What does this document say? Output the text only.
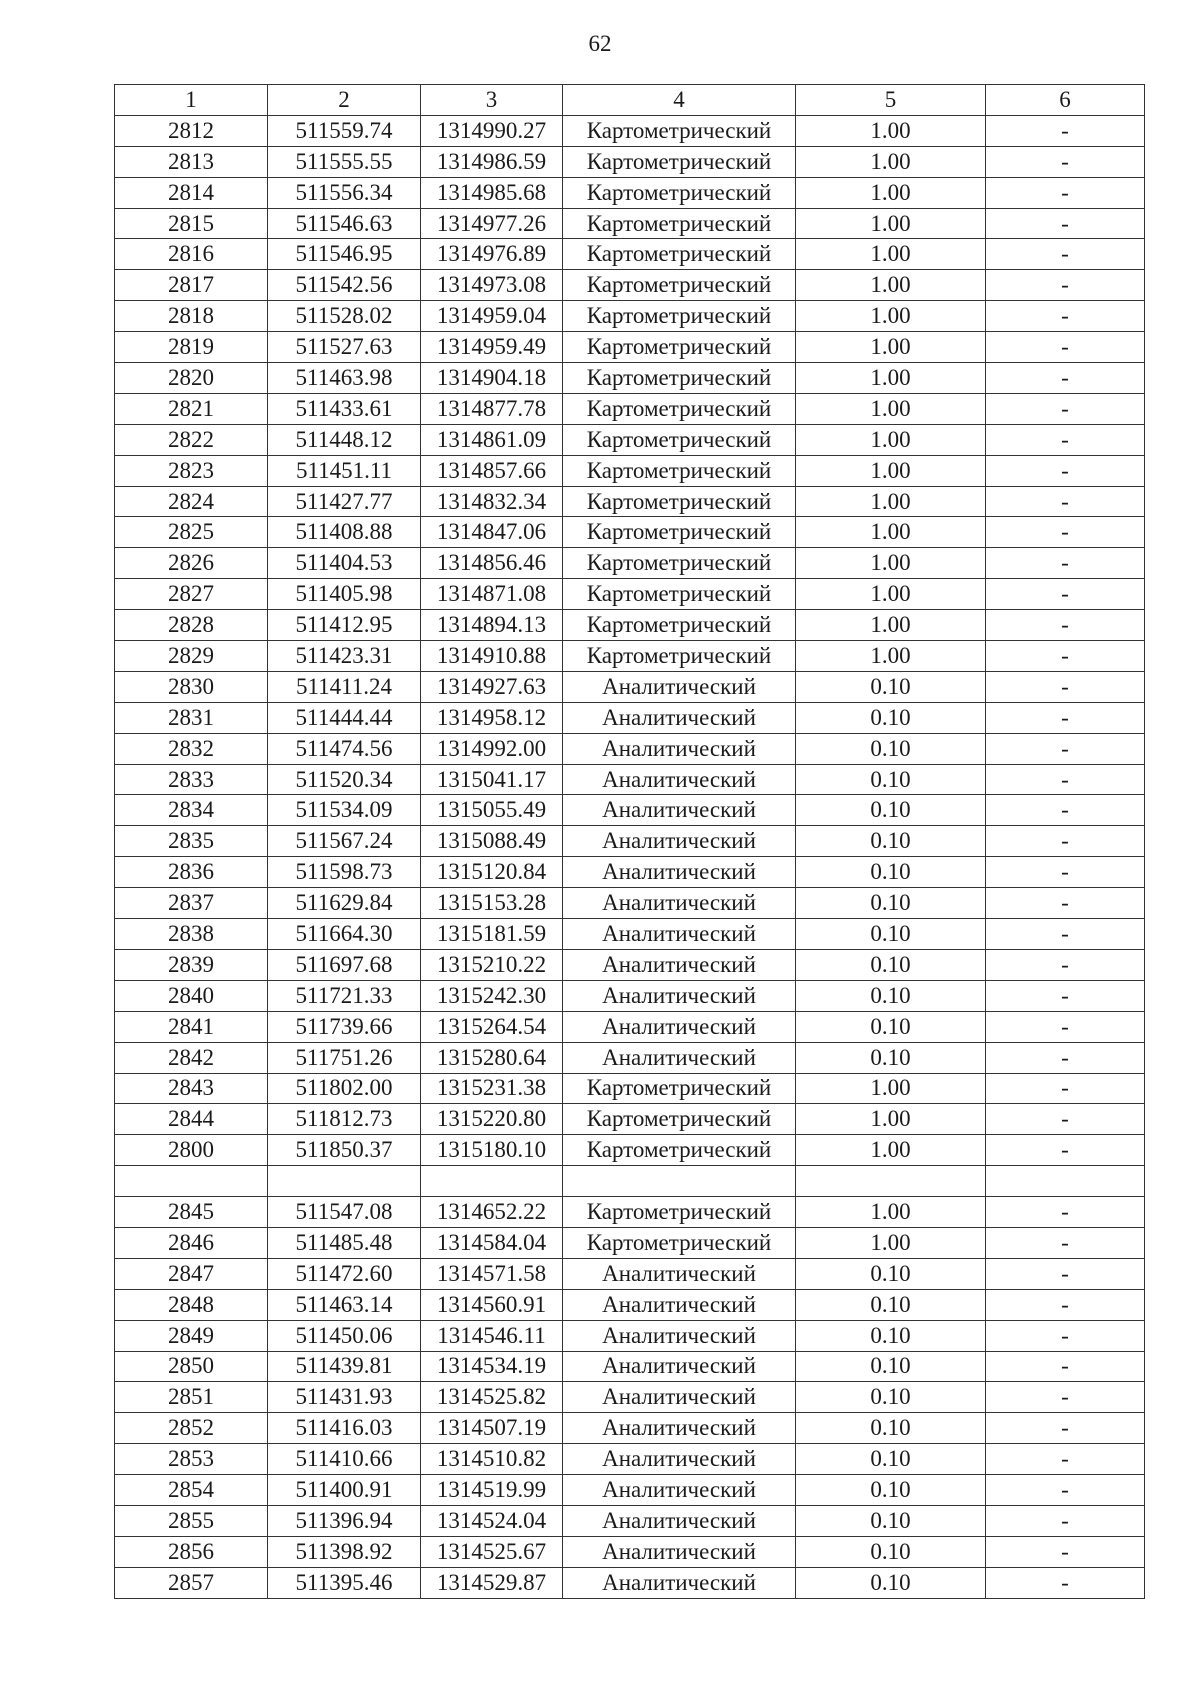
62
1	2	3	4	5	6
2812	511559.74	1314990.27	Картометрический	1.00	-
2813	511555.55	1314986.59	Картометрический	1.00	-
2814	511556.34	1314985.68	Картометрический	1.00	-
2815	511546.63	1314977.26	Картометрический	1.00	-
2816	511546.95	1314976.89	Картометрический	1.00	-
2817	511542.56	1314973.08	Картометрический	1.00	-
2818	511528.02	1314959.04	Картометрический	1.00	-
2819	511527.63	1314959.49	Картометрический	1.00	-
2820	511463.98	1314904.18	Картометрический	1.00	-
2821	511433.61	1314877.78	Картометрический	1.00	-
2822	511448.12	1314861.09	Картометрический	1.00	-
2823	511451.11	1314857.66	Картометрический	1.00	-
2824	511427.77	1314832.34	Картометрический	1.00	-
2825	511408.88	1314847.06	Картометрический	1.00	-
2826	511404.53	1314856.46	Картометрический	1.00	-
2827	511405.98	1314871.08	Картометрический	1.00	-
2828	511412.95	1314894.13	Картометрический	1.00	-
2829	511423.31	1314910.88	Картометрический	1.00	-
2830	511411.24	1314927.63	Аналитический	0.10	-
2831	511444.44	1314958.12	Аналитический	0.10	-
2832	511474.56	1314992.00	Аналитический	0.10	-
2833	511520.34	1315041.17	Аналитический	0.10	-
2834	511534.09	1315055.49	Аналитический	0.10	-
2835	511567.24	1315088.49	Аналитический	0.10	-
2836	511598.73	1315120.84	Аналитический	0.10	-
2837	511629.84	1315153.28	Аналитический	0.10	-
2838	511664.30	1315181.59	Аналитический	0.10	-
2839	511697.68	1315210.22	Аналитический	0.10	-
2840	511721.33	1315242.30	Аналитический	0.10	-
2841	511739.66	1315264.54	Аналитический	0.10	-
2842	511751.26	1315280.64	Аналитический	0.10	-
2843	511802.00	1315231.38	Картометрический	1.00	-
2844	511812.73	1315220.80	Картометрический	1.00	-
2800	511850.37	1315180.10	Картометрический	1.00	-

2845	511547.08	1314652.22	Картометрический	1.00	-
2846	511485.48	1314584.04	Картометрический	1.00	-
2847	511472.60	1314571.58	Аналитический	0.10	-
2848	511463.14	1314560.91	Аналитический	0.10	-
2849	511450.06	1314546.11	Аналитический	0.10	-
2850	511439.81	1314534.19	Аналитический	0.10	-
2851	511431.93	1314525.82	Аналитический	0.10	-
2852	511416.03	1314507.19	Аналитический	0.10	-
2853	511410.66	1314510.82	Аналитический	0.10	-
2854	511400.91	1314519.99	Аналитический	0.10	-
2855	511396.94	1314524.04	Аналитический	0.10	-
2856	511398.92	1314525.67	Аналитический	0.10	-
2857	511395.46	1314529.87	Аналитический	0.10	-
